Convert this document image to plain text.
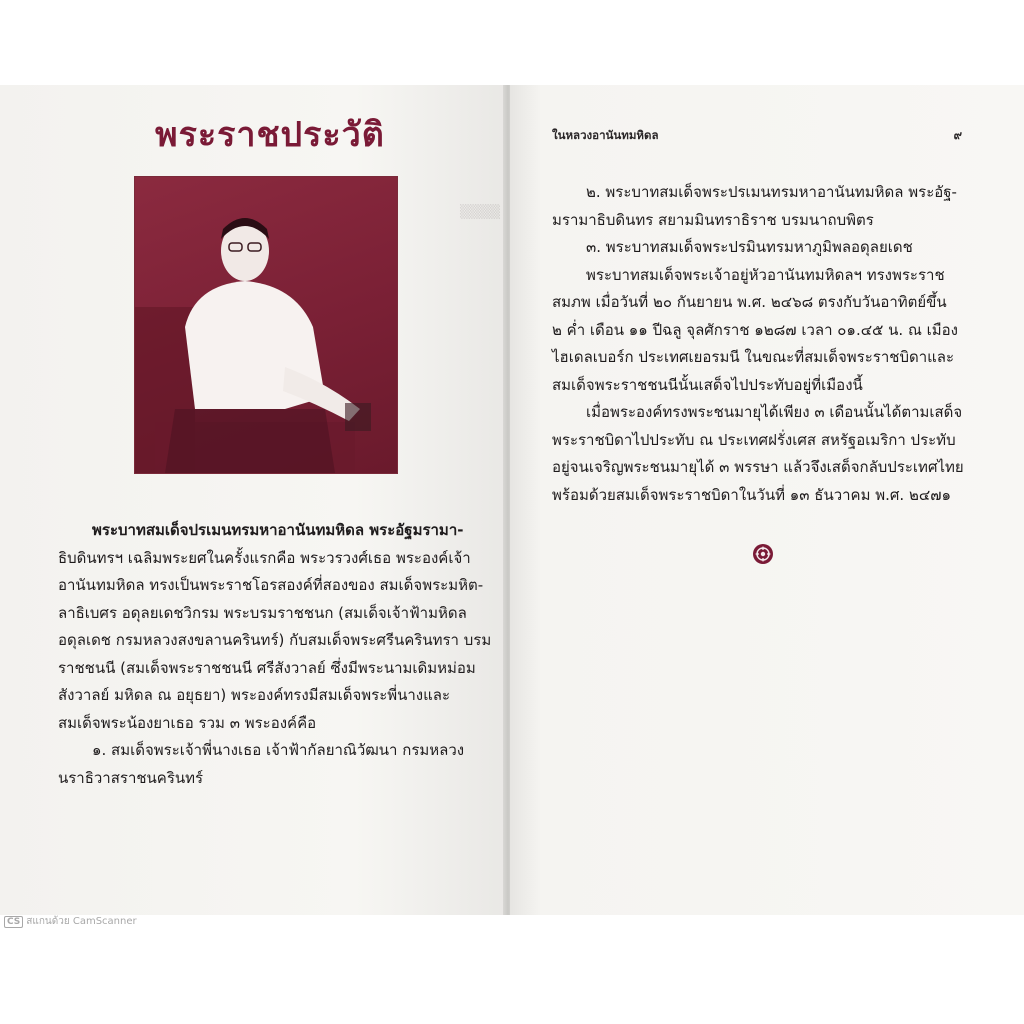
▒▒▒▒
พระราชประวัติ
พระบาทสมเด็จปรเมนทรมหาอานันทมหิดล พระอัฐมรามา-
ธิบดินทรฯ เฉลิมพระยศในครั้งแรกคือ พระวรวงศ์เธอ พระองค์เจ้า
อานันทมหิดล ทรงเป็นพระราชโอรสองค์ที่สองของ สมเด็จพระมหิต-
ลาธิเบศร อดุลยเดชวิกรม พระบรมราชชนก (สมเด็จเจ้าฟ้ามหิดล
อดุลเดช กรมหลวงสงขลานครินทร์) กับสมเด็จพระศรีนครินทรา บรม
ราชชนนี (สมเด็จพระราชชนนี ศรีสังวาลย์ ซึ่งมีพระนามเดิมหม่อม
สังวาลย์ มหิดล ณ อยุธยา) พระองค์ทรงมีสมเด็จพระพี่นางและ
สมเด็จพระน้องยาเธอ รวม ๓ พระองค์คือ
๑. สมเด็จพระเจ้าพี่นางเธอ เจ้าฟ้ากัลยาณิวัฒนา กรมหลวง
นราธิวาสราชนครินทร์
ในหลวงอานันทมหิดล	๙
๒. พระบาทสมเด็จพระปรเมนทรมหาอานันทมหิดล พระอัฐ-
มรามาธิบดินทร สยามมินทราธิราช บรมนาถบพิตร
๓. พระบาทสมเด็จพระปรมินทรมหาภูมิพลอดุลยเดช
พระบาทสมเด็จพระเจ้าอยู่หัวอานันทมหิดลฯ ทรงพระราช
สมภพ เมื่อวันที่ ๒๐ กันยายน พ.ศ. ๒๔๖๘ ตรงกับวันอาทิตย์ขึ้น
๒ ค่ำ เดือน ๑๑ ปีฉลู จุลศักราช ๑๒๘๗ เวลา ๐๑.๔๕ น. ณ เมือง
ไฮเดลเบอร์ก ประเทศเยอรมนี ในขณะที่สมเด็จพระราชบิดาและ
สมเด็จพระราชชนนีนั้นเสด็จไปประทับอยู่ที่เมืองนี้
เมื่อพระองค์ทรงพระชนมายุได้เพียง ๓ เดือนนั้นได้ตามเสด็จ
พระราชบิดาไปประทับ ณ ประเทศฝรั่งเศส สหรัฐอเมริกา ประทับ
อยู่จนเจริญพระชนมายุได้ ๓ พรรษา แล้วจึงเสด็จกลับประเทศไทย
พร้อมด้วยสมเด็จพระราชบิดาในวันที่ ๑๓ ธันวาคม พ.ศ. ๒๔๗๑
CS สแกนด้วย CamScanner
